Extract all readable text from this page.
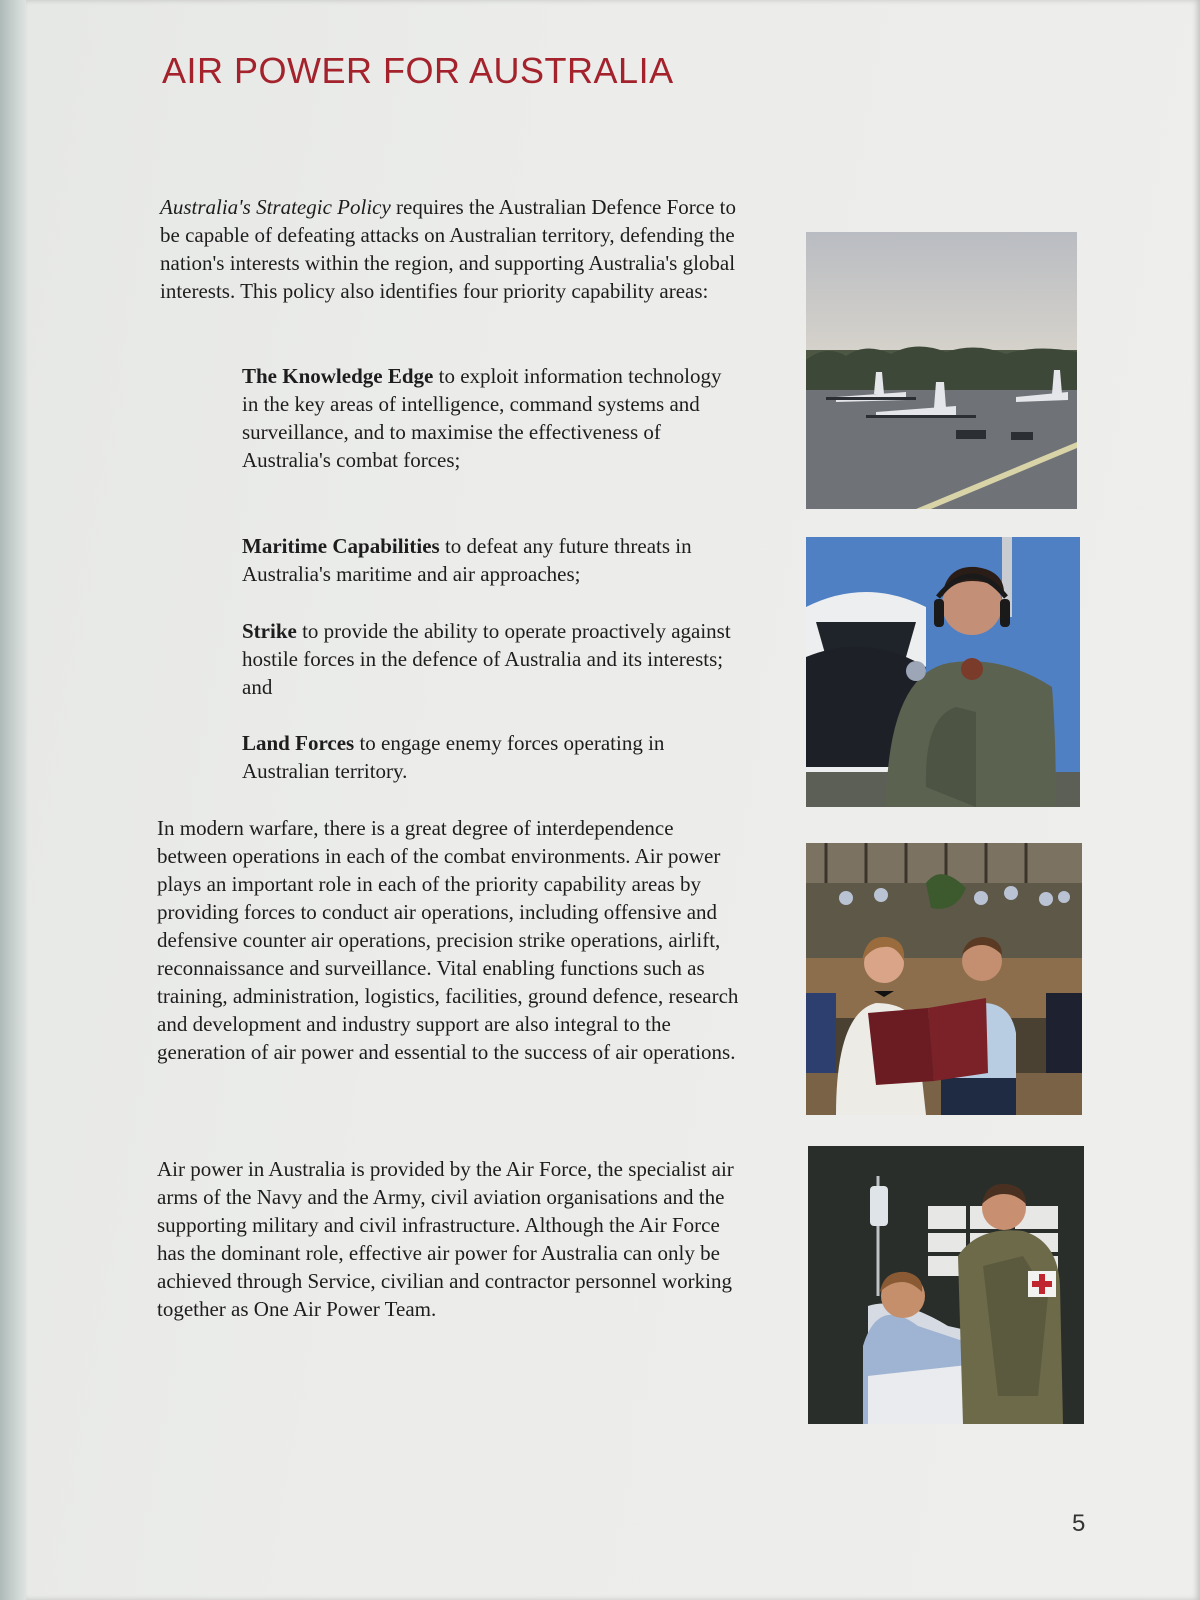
AIR POWER FOR AUSTRALIA

Australia's Strategic Policy requires the Australian Defence Force to be capable of defeating attacks on Australian territory, defending the nation's interests within the region, and supporting Australia's global interests. This policy also identifies four priority capability areas:

The Knowledge Edge to exploit information technology in the key areas of intelligence, command systems and surveillance, and to maximise the effectiveness of Australia's combat forces;

Maritime Capabilities to defeat any future threats in Australia's maritime and air approaches;

Strike to provide the ability to operate proactively against hostile forces in the defence of Australia and its interests; and

Land Forces to engage enemy forces operating in Australian territory.

In modern warfare, there is a great degree of interdependence between operations in each of the combat environments. Air power plays an important role in each of the priority capability areas by providing forces to conduct air operations, including offensive and defensive counter air operations, precision strike operations, airlift, reconnaissance and surveillance. Vital enabling functions such as training, administration, logistics, facilities, ground defence, research and development and industry support are also integral to the generation of air power and essential to the success of air operations.

Air power in Australia is provided by the Air Force, the specialist air arms of the Navy and the Army, civil aviation organisations and the supporting military and civil infrastructure. Although the Air Force has the dominant role, effective air power for Australia can only be achieved through Service, civilian and contractor personnel working together as One Air Power Team.

5
